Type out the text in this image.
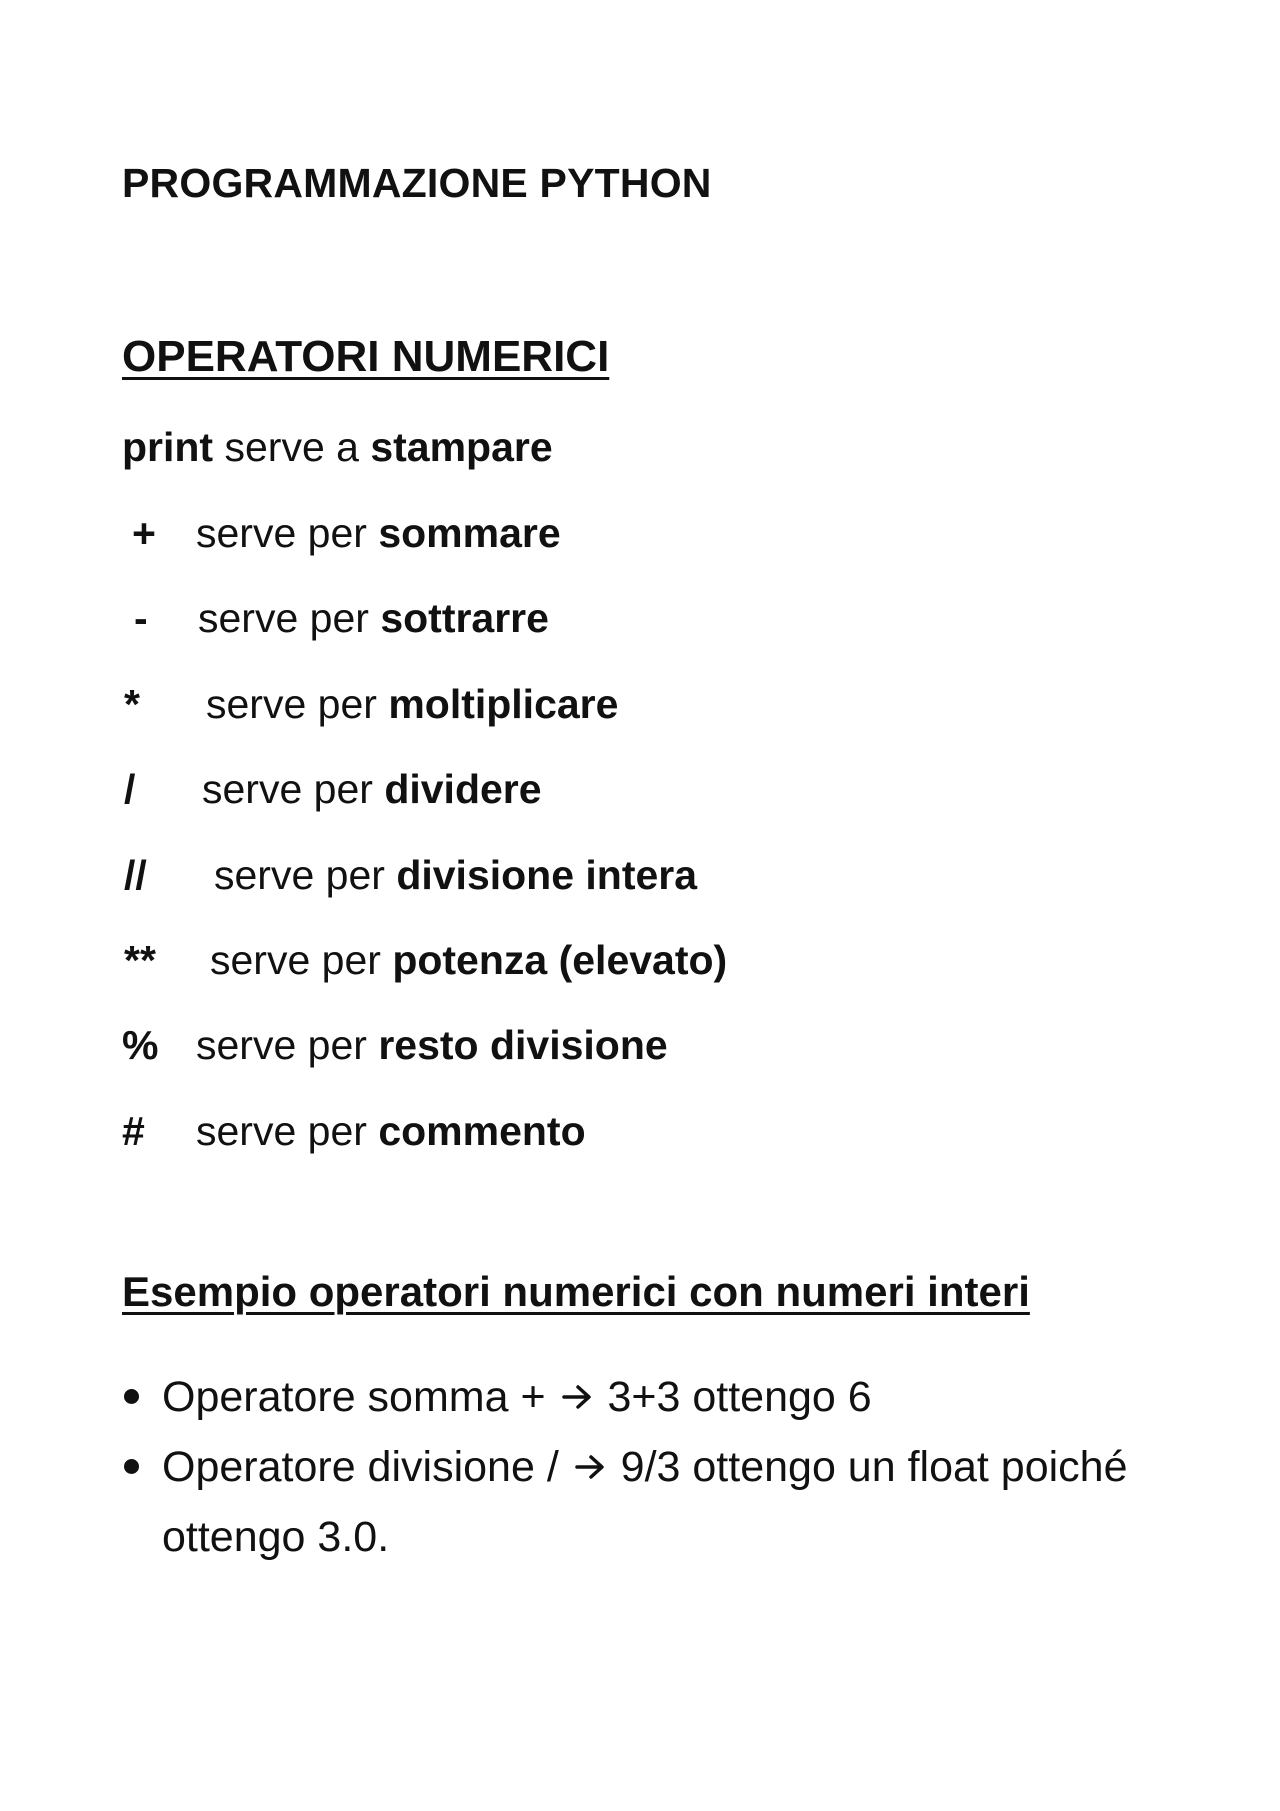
PROGRAMMAZIONE PYTHON
OPERATORI NUMERICI
print serve a stampare
+ serve per sommare
- serve per sottrarre
* serve per moltiplicare
/ serve per dividere
// serve per divisione intera
** serve per potenza (elevato)
% serve per resto divisione
# serve per commento
Esempio operatori numerici con numeri interi
Operatore somma +  3+3 ottengo 6
Operatore divisione /  9/3 ottengo un float poiché ottengo 3.0.
